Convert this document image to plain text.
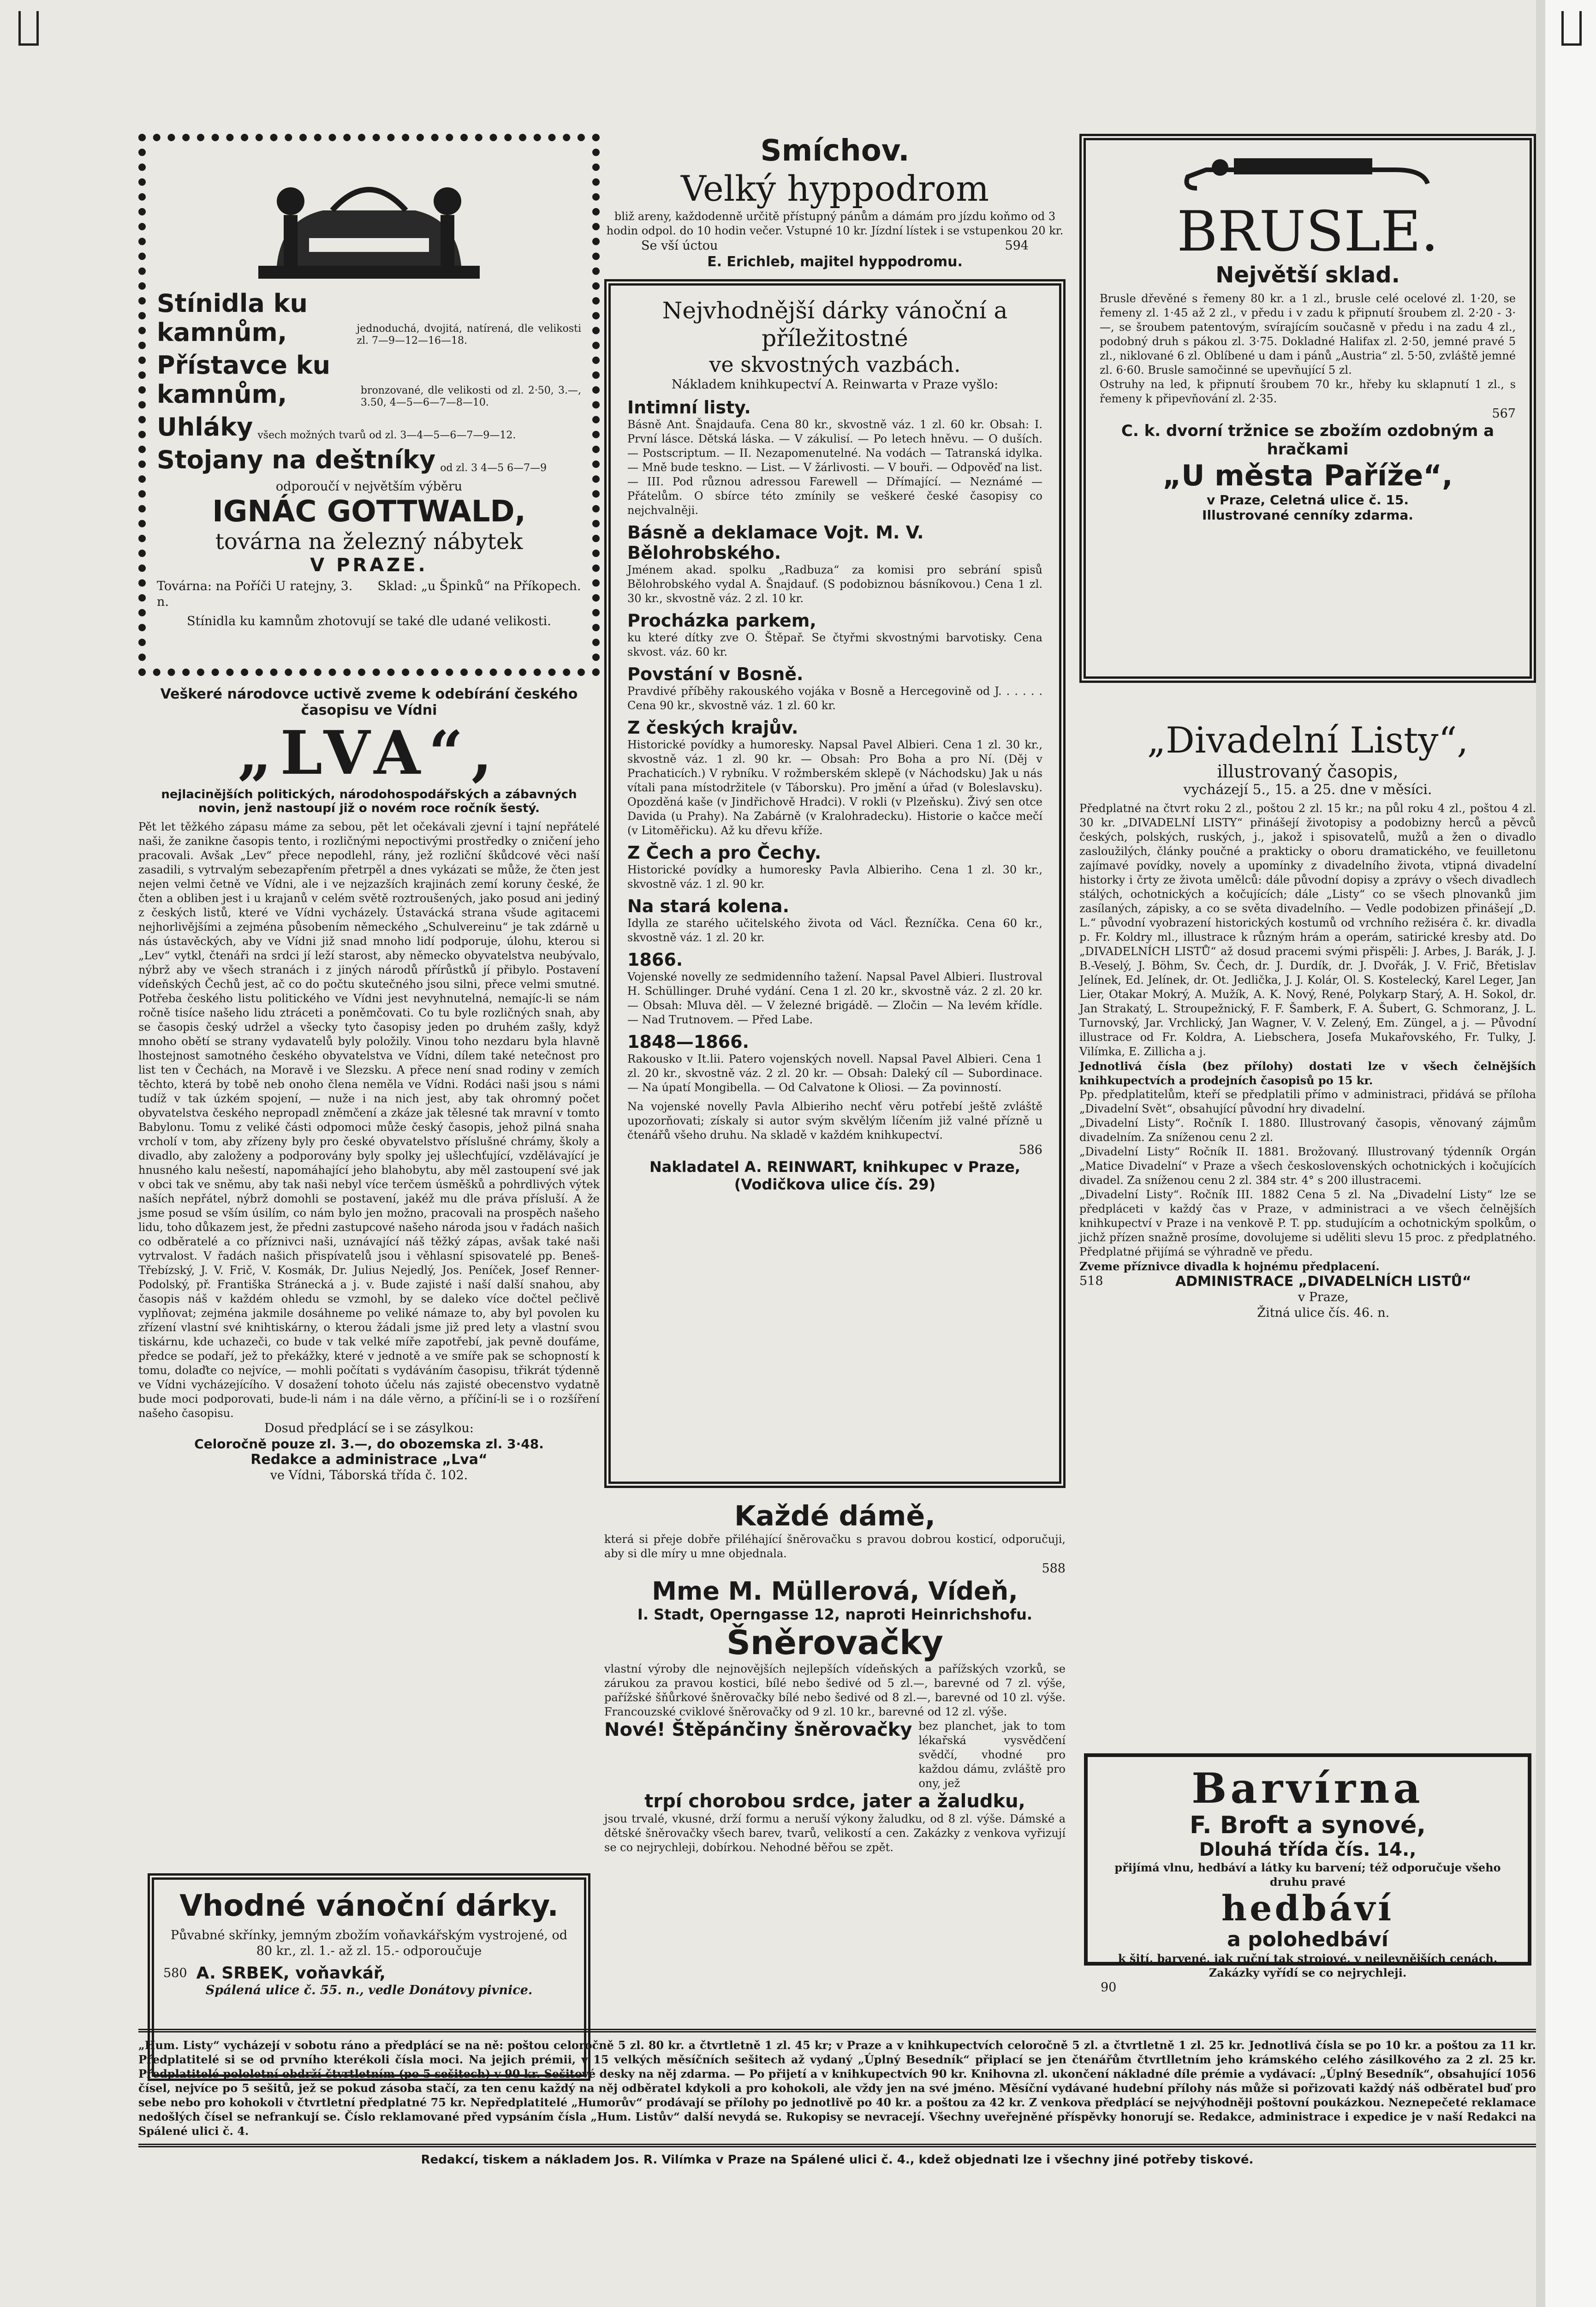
Stínidla ku kamnům,	jednoduchá, dvojitá, natírená, dle velikosti zl. 7—9—12—16—18.
Přístavce ku kamnům,	bronzované, dle velikosti od zl. 2·50, 3.—, 3.50, 4—5—6—7—8—10.
Uhláky všech možných tvarů od zl. 3—4—5—6—7—9—12.
Stojany na deštníky od zl. 3 4—5 6—7—9
odporoučí v největším výběru
IGNÁC GOTTWALD,
továrna na železný nábytek
V PRAZE.
Továrna: na Poříči U ratejny, 3. n.
Sklad: „u Špinků“ na Příkopech.
Stínidla ku kamnům zhotovují se také dle udané velikosti.
Veškeré národovce uctivě zveme k odebírání českého časopisu ve Vídni
„LVA“,
nejlacinějších politických, národohospodářských a zábavných novin, jenž nastoupí již o novém roce ročník šestý.
Pět let těžkého zápasu máme za sebou, pět let očekávali zjevní i tajní nepřátelé naši, že zanikne časopis tento, i rozličnými nepoctivými prostředky o zničení jeho pracovali. Avšak „Lev“ přece nepodlehl, rány, jež rozliční škůdcové věci naší zasadili, s vytrvalým sebezapřením přetrpěl a dnes vykázati se může, že čten jest nejen velmi četně ve Vídni, ale i ve nejzazších krajinách zemí koruny české, že čten a obliben jest i u krajanů v celém světě roztroušených, jako posud ani jediný z českých listů, které ve Vídni vycházely. Ústavácká strana všude agitacemi nejhorlivějšími a zejména působením německého „Schulvereinu“ je tak zdárně u nás ústavěckých, aby ve Vídni již snad mnoho lidí podporuje, úlohu, kterou si „Lev“ vytkl, čtenáři na srdci jí leží starost, aby německo obyvatelstva neubývalo, nýbrž aby ve všech stranách i z jiných národů přírůstků jí přibylo. Postavení vídeňských Čechů jest, ač co do počtu skutečného jsou silni, přece velmi smutné. Potřeba českého listu politického ve Vídni jest nevyhnutelná, nemajíc-li se nám ročně tisíce našeho lidu ztráceti a poněmčovati. Co tu byle rozličných snah, aby se časopis český udržel a všecky tyto časopisy jeden po druhém zašly, když mnoho obětí se strany vydavatelů byly položily. Vinou toho nezdaru byla hlavně lhostejnost samotného českého obyvatelstva ve Vídni, dílem také netečnost pro list ten v Čechách, na Moravě i ve Slezsku. A přece není snad rodiny v zemích těchto, která by tobě neb onoho člena neměla ve Vídni. Rodáci naši jsou s námi tudíž v tak úzkém spojení, — nuže i na nich jest, aby tak ohromný počet obyvatelstva českého nepropadl zněmčení a zkáze jak tělesné tak mravní v tomto Babylonu. Tomu z veliké části odpomoci může český časopis, jehož pilná snaha vrcholí v tom, aby zřízeny byly pro české obyvatelstvo příslušné chrámy, školy a divadlo, aby založeny a podporovány byly spolky jej ušlechťující, vzdělávající je hnusného kalu nešestí, napomáhající jeho blahobytu, aby měl zastoupení své jak v obci tak ve sněmu, aby tak naši nebyl více terčem úsměšků a pohrdlivých výtek naších nepřátel, nýbrž domohli se postavení, jakéž mu dle práva přísluší. A že jsme posud se vším úsilím, co nám bylo jen možno, pracovali na prospěch našeho lidu, toho důkazem jest, že předni zastupcové našeho národa jsou v řadách našich co odběratelé a co příznivci naši, uznávající náš těžký zápas, avšak také naši vytrvalost. V řadách našich přispívatelů jsou i věhlasní spisovatelé pp. Beneš-Třebízský, J. V. Frič, V. Kosmák, Dr. Julius Nejedlý, Jos. Peníček, Josef Renner-Podolský, př. Františka Stránecká a j. v. Bude zajisté i naší další snahou, aby časopis náš v každém ohledu se vzmohl, by se daleko více dočtel pečlivě vyplňovat; zejména jakmile dosáhneme po veliké námaze to, aby byl povolen ku zřízení vlastní své knihtiskárny, o kterou žádali jsme již pred lety a vlastní svou tiskárnu, kde uchazeči, co bude v tak velké míře zapotřebí, jak pevně doufáme, předce se podaří, jež to překážky, které v jednotě a ve smíře pak se schopností k tomu, dolaďte co nejvíce, — mohli počítati s vydáváním časopisu, třikrát týdenně ve Vídni vycházejícího. V dosažení tohoto účelu nás zajisté obecenstvo vydatně bude moci podporovati, bude-li nám i na dále věrno, a příčiní-li se i o rozšíření našeho časopisu.
Dosud předplácí se i se zásylkou:
Celoročně pouze zl. 3.—, do obozemska zl. 3·48.
Redakce a administrace „Lva“
ve Vídni, Táborská třída č. 102.
Vhodné vánoční dárky.
Půvabné skřínky, jemným zbožím voňavkářským vystrojené, od 80 kr., zl. 1.- až zl. 15.- odporoučuje
580 A. SRBEK, voňavkář,
Spálená ulice č. 55. n., vedle Donátovy pivnice.
Smíchov.
Velký hyppodrom
bliž areny, každodenně určitě přístupný pánům a dámám pro jízdu koňmo od 3 hodin odpol. do 10 hodin večer. Vstupné 10 kr. Jízdní lístek i se vstupenkou 20 kr.
Se vší úctou	594
E. Erichleb, majitel hyppodromu.
Nejvhodnější dárky vánoční a příležitostné
ve skvostných vazbách.
Nákladem knihkupectví A. Reinwarta v Praze vyšlo:
Intimní listy.
Básně Ant. Šnajdaufa. Cena 80 kr., skvostně váz. 1 zl. 60 kr. Obsah: I. První lásce. Dětská láska. — V zákulisí. — Po letech hněvu. — O duších. — Postscriptum. — II. Nezapomenutelné. Na vodách — Tatranská idylka. — Mně bude teskno. — List. — V žárlivosti. — V bouři. — Odpověď na list. — III. Pod různou adressou Farewell — Dřímající. — Neznámé — Přátelům. O sbírce této zmínily se veškeré české časopisy co nejchvalněji.
Básně a deklamace Vojt. M. V. Bělohrobského.
Jménem akad. spolku „Radbuza“ za komisi pro sebrání spisů Bělohrobského vydal A. Šnajdauf. (S podobiznou básníkovou.) Cena 1 zl. 30 kr., skvostně váz. 2 zl. 10 kr.
Procházka parkem,
ku které dítky zve O. Štěpař. Se čtyřmi skvostnými barvotisky. Cena skvost. váz. 60 kr.
Povstání v Bosně.
Pravdivé příběhy rakouského vojáka v Bosně a Hercegovině od J. . . . . . Cena 90 kr., skvostně váz. 1 zl. 60 kr.
Z českých krajův.
Historické povídky a humoresky. Napsal Pavel Albieri. Cena 1 zl. 30 kr., skvostně váz. 1 zl. 90 kr. — Obsah: Pro Boha a pro Ní. (Děj v Prachaticích.) V rybníku. V rožmberském sklepě (v Náchodsku) Jak u nás vítali pana místodržitele (v Táborsku). Pro jmění a úřad (v Boleslavsku). Opozděná kaše (v Jindřichově Hradci). V rokli (v Plzeňsku). Živý sen otce Davida (u Prahy). Na Zabárně (v Kralohradecku). Historie o kačce mečí (v Litoměřicku). Až ku dřevu kříže.
Z Čech a pro Čechy.
Historické povídky a humoresky Pavla Albieriho. Cena 1 zl. 30 kr., skvostně váz. 1 zl. 90 kr.
Na stará kolena.
Idylla ze starého učitelského života od Václ. Řezníčka. Cena 60 kr., skvostně váz. 1 zl. 20 kr.
1866.
Vojenské novelly ze sedmidenního tažení. Napsal Pavel Albieri. Ilustroval H. Schüllinger. Druhé vydání. Cena 1 zl. 20 kr., skvostně váz. 2 zl. 20 kr. — Obsah: Mluva děl. — V železné brigádě. — Zločin — Na levém křídle. — Nad Trutnovem. — Před Labe.
1848—1866.
Rakousko v It.lii. Patero vojenských novell. Napsal Pavel Albieri. Cena 1 zl. 20 kr., skvostně váz. 2 zl. 20 kr. — Obsah: Daleký cíl — Subordinace. — Na úpatí Mongibella. — Od Calvatone k Oliosi. — Za povinností.
Na vojenské novelly Pavla Albieriho nechť věru potřebí ještě zvláště upozorňovati; získaly si autor svým skvělým líčením již valné přízně u čtenářů všeho druhu. Na skladě v každém knihkupectví.
586
Nakladatel A. REINWART, knihkupec v Praze, (Vodičkova ulice čís. 29)
Každé dámě,
která si přeje dobře přiléhající šněrovačku s pravou dobrou kosticí, odporučuji, aby si dle míry u mne objednala.
588
Mme M. Müllerová, Vídeň,
I. Stadt, Operngasse 12, naproti Heinrichshofu.
Šněrovačky
vlastní výroby dle nejnovějších nejlepších vídeňských a pařížských vzorků, se zárukou za pravou kostici, bílé nebo šedivé od 5 zl.—, barevné od 7 zl. výše, pařížské šňůrkové šněrovačky bílé nebo šedivé od 8 zl.—, barevné od 10 zl. výše. Francouzské cviklové šněrovačky od 9 zl. 10 kr., barevné od 12 zl. výše.
Nové! Štěpánčiny šněrovačky bez planchet, jak to tom lékařská vysvědčení svědčí, vhodné pro každou dámu, zvláště pro ony, jež
trpí chorobou srdce, jater a žaludku,
jsou trvalé, vkusné, drží formu a neruší výkony žaludku, od 8 zl. výše. Dámské a dětské šněrovačky všech barev, tvarů, velikostí a cen. Zakázky z venkova vyřizují se co nejrychleji, dobírkou. Nehodné běřou se zpět.
BRUSLE.
Největší sklad.
Brusle dřevěné s řemeny 80 kr. a 1 zl., brusle celé ocelové zl. 1·20, se řemeny zl. 1·45 až 2 zl., v předu i v zadu k připnutí šroubem zl. 2·20 - 3·—, se šroubem patentovým, svírajícím současně v předu i na zadu 4 zl., podobný druh s pákou zl. 3·75. Dokladné Halifax zl. 2·50, jemné pravé 5 zl., niklované 6 zl. Oblíbené u dam i pánů „Austria“ zl. 5·50, zvláště jemné zl. 6·60. Brusle samočinné se upevňující 5 zl.
Ostruhy na led, k připnutí šroubem 70 kr., hřeby ku sklapnutí 1 zl., s řemeny k připevňování zl. 2·35.
567
C. k. dvorní tržnice se zbožím ozdobným a hračkami
„U města Paříže“,
v Praze, Celetná ulice č. 15.
Illustrované cenníky zdarma.
„Divadelní Listy“,
illustrovaný časopis,
vycházejí 5., 15. a 25. dne v měsíci.
Předplatné na čtvrt roku 2 zl., poštou 2 zl. 15 kr.; na půl roku 4 zl., poštou 4 zl. 30 kr. „DIVADELNÍ LISTY“ přinášejí životopisy a podobizny herců a pěvců českých, polských, ruských, j., jakož i spisovatelů, mužů a žen o divadlo zasloužilých, články poučné a prakticky o oboru dramatického, ve feuilletonu zajímavé povídky, novely a upomínky z divadelního života, vtipná divadelní historky i črty ze života umělců: dále původní dopisy a zprávy o všech divadlech stálých, ochotnických a kočujících; dále „Listy“ co se všech plnovanků jim zasílaných, zápisky, a co se světa divadelního. — Vedle podobizen přinášejí „D. L.“ původní vyobrazení historických kostumů od vrchního režiséra č. kr. divadla p. Fr. Koldry ml., illustrace k různým hrám a operám, satirické kresby atd. Do „DIVADELNÍCH LISTŮ“ až dosud pracemi svými přispěli: J. Arbes, J. Barák, J. J. B.-Veselý, J. Böhm, Sv. Čech, dr. J. Durdík, dr. J. Dvořák, J. V. Frič, Břetislav Jelínek, Ed. Jelínek, dr. Ot. Jedlička, J. J. Kolár, Ol. S. Kostelecký, Karel Leger, Jan Lier, Otakar Mokrý, A. Mužík, A. K. Nový, René, Polykarp Starý, A. H. Sokol, dr. Jan Strakatý, L. Stroupežnický, F. F. Šamberk, F. A. Šubert, G. Schmoranz, J. L. Turnovský, Jar. Vrchlický, Jan Wagner, V. V. Zelený, Em. Züngel, a j. — Původní illustrace od Fr. Koldra, A. Liebschera, Josefa Mukařovského, Fr. Tulky, J. Vilímka, E. Zillicha a j.
Jednotlivá čísla (bez přílohy) dostati lze v všech čelnějších knihkupectvích a prodejních časopisů po 15 kr.
Pp. předplatitelům, kteří se předplatili přímo v administraci, přidává se příloha „Divadelní Svět“, obsahující původní hry divadelní.
„Divadelní Listy“. Ročník I. 1880. Illustrovaný časopis, věnovaný zájmům divadelním. Za sníženou cenu 2 zl.
„Divadelní Listy“ Ročník II. 1881. Brožovaný. Illustrovaný týdenník Orgán „Matice Divadelní“ v Praze a všech československých ochotnických i kočujících divadel. Za sníženou cenu 2 zl. 384 str. 4° s 200 illustracemi.
„Divadelní Listy“. Ročník III. 1882 Cena 5 zl. Na „Divadelní Listy“ lze se předpláceti v každý čas v Praze, v administraci a ve všech čelnějších knihkupectví v Praze i na venkově P. T. pp. studujícím a ochotnickým spolkům, o jichž přízen snažně prosíme, dovolujeme si uděliti slevu 15 proc. z předplatného. Předplatné přijímá se výhradně ve předu.
Zveme příznivce divadla k hojnému předplacení.
518	ADMINISTRACE „DIVADELNÍCH LISTŮ“
v Praze,
Žitná ulice čís. 46. n.
Barvírna
F. Broft a synové,
Dlouhá třída čís. 14.,
přijímá vlnu, hedbáví a látky ku barvení; též odporučuje všeho druhu pravé
hedbáví
a polohedbáví
k šití, barvené, jak ruční tak strojové, v nejlevnějších cenách. Zakázky vyřídí se co nejrychleji.
90
„Hum. Listy“ vycházejí v sobotu ráno a předplácí se na ně: poštou celoročně 5 zl. 80 kr. a čtvrtletně 1 zl. 45 kr; v Praze a v knihkupectvích celoročně 5 zl. a čtvrtletně 1 zl. 25 kr. Jednotlivá čísla se po 10 kr. a poštou za 11 kr. Předplatitelé si se od prvního kterékoli čísla moci. Na jejich prémii, v 15 velkých měsíčních sešitech až vydaný „Úplný Besedník“ připlací se jen čtenářům čtvrtlletním jeho krámského celého zásilkového za 2 zl. 25 kr. Předplatitelé pololetní obdrží čtvrtletním (po 5 sešitech) v 90 kr. Sešitové desky na něj zdarma. — Po přijetí a v knihkupectvích 90 kr. Knihovna zl. ukončení nákladné díle prémie a vydávací: „Úplný Besedník“, obsahující 1056 čísel, nejvíce po 5 sešitů, jež se pokud zásoba stačí, za ten cenu každý na něj odběratel kdykoli a pro kohokoli, ale vždy jen na své jméno. Měsíční vydávané hudební přílohy nás může si pořizovati každý náš odběratel buď pro sebe nebo pro kohokoli v čtvrtletní předplatné 75 kr. Nepředplatitelé „Humorův“ prodávají se přílohy po jednotlivě po 40 kr. a poštou za 42 kr. Z venkova předplácí se nejvýhodněji poštovní poukázkou. Neznepečeté reklamace nedošlých čísel se nefrankují se. Číslo reklamované před vypsáním čísla „Hum. Listův“ další nevydá se. Rukopisy se nevracejí. Všechny uveřejněné příspěvky honorují se. Redakce, administrace i expedice je v naší Redakci na Spálené ulici č. 4.
Redakcí, tiskem a nákladem Jos. R. Vilímka v Praze na Spálené ulici č. 4., kdež objednati lze i všechny jiné potřeby tiskové.
